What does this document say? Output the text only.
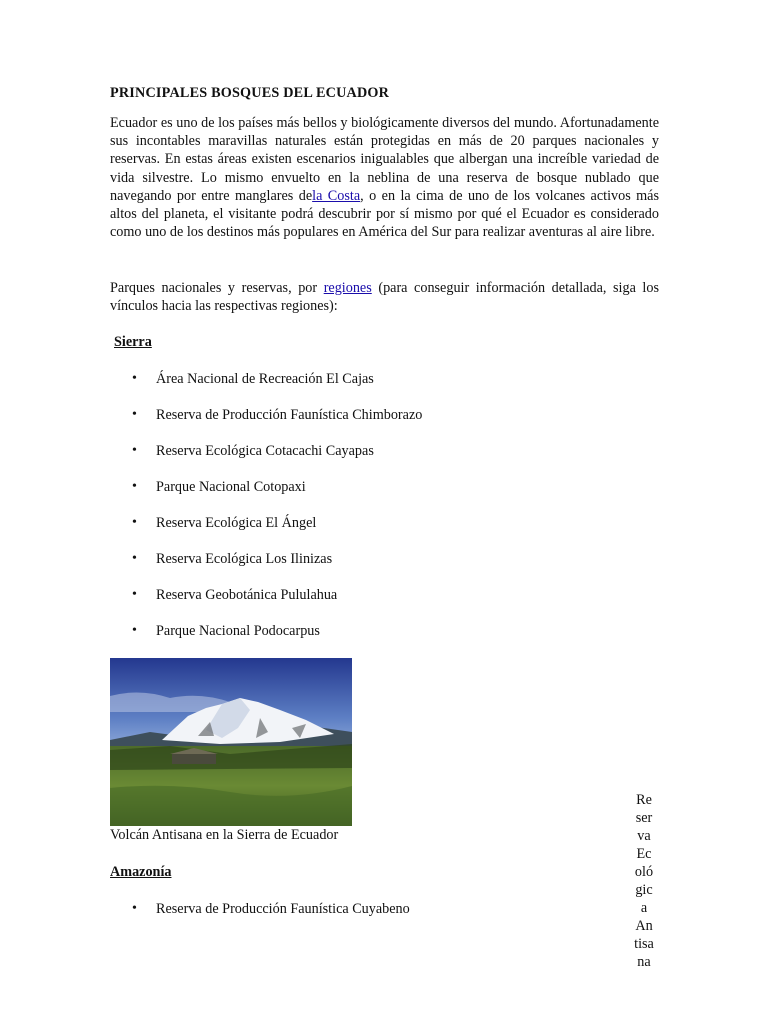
PRINCIPALES BOSQUES DEL ECUADOR

Ecuador es uno de los países más bellos y biológicamente diversos del mundo. Afortunadamente sus incontables maravillas naturales están protegidas en más de 20 parques nacionales y reservas. En estas áreas existen escenarios inigualables que albergan una increíble variedad de vida silvestre. Lo mismo envuelto en la neblina de una reserva de bosque nublado que navegando por entre manglares dela Costa, o en la cima de uno de los volcanes activos más altos del planeta, el visitante podrá descubrir por sí mismo por qué el Ecuador es considerado como uno de los destinos más populares en América del Sur para realizar aventuras al aire libre.

Parques nacionales y reservas, por regiones (para conseguir información detallada, siga los vínculos hacia las respectivas regiones):

Sierra
• Área Nacional de Recreación El Cajas
• Reserva de Producción Faunística Chimborazo
• Reserva Ecológica Cotacachi Cayapas
• Parque Nacional Cotopaxi
• Reserva Ecológica El Ángel
• Reserva Ecológica Los Ilinizas
• Reserva Geobotánica Pululahua
• Parque Nacional Podocarpus
Volcán Antisana en la Sierra de Ecuador
Amazonía
• Reserva de Producción Faunística Cuyabeno
Re
ser
va
Ec
oló
gic
a
An
tisa
na
